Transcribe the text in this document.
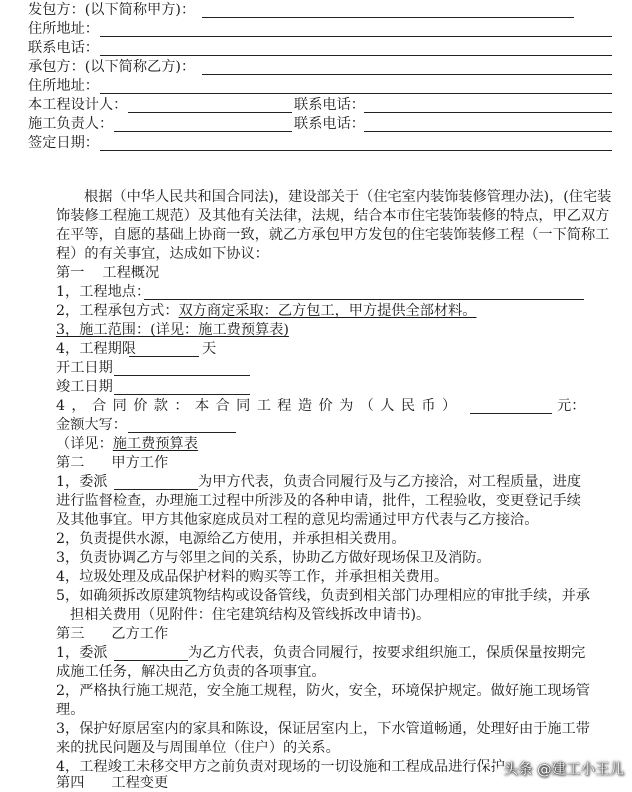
发包方：(以下简称甲方)：
住所地址：
联系电话：
承包方：(以下简称乙方)：
住所地址：
本工程设计人：	联系电话：
施工负责人：	联系电话：
签定日期：
根据（中华人民共和国合同法)，建设部关于（住宅室内装饰装修管理办法)，(住宅装
饰装修工程施工规范）及其他有关法律，法规，结合本市住宅装饰装修的特点，甲乙双方
在平等，自愿的基础上协商一致，就乙方承包甲方发包的住宅装饰装修工程（一下简称工
程）的有关事宜，达成如下协议：
第一    工程概况
1，工程地点：
2，工程承包方式：双方商定采取：乙方包工，甲方提供全部材料。
3，施工范围：(详见：施工费预算表)
4，工程期限	天
开工日期
竣工日期
4，合同价款：本合同工程造价为（人民币）	元：
金额大写：
（详见：施工费预算表
第二      甲方工作
1，委派	为甲方代表，负责合同履行及与乙方接洽，对工程质量，进度
进行监督检查，办理施工过程中所涉及的各种申请，批件，工程验收，变更登记手续
及其他事宜。甲方其他家庭成员对工程的意见均需通过甲方代表与乙方接洽。
2，负责提供水源，电源给乙方使用，并承担相关费用。
3，负责协调乙方与邻里之间的关系，协助乙方做好现场保卫及消防。
4，垃圾处理及成品保护材料的购买等工作，并承担相关费用。
5，如确须拆改原建筑物结构或设备管线，负责到相关部门办理相应的审批手续，并承
担相关费用（见附件：住宅建筑结构及管线拆改申请书)。
第三      乙方工作
1，委派	为乙方代表，负责合同履行，按要求组织施工，保质保量按期完
成施工任务，解决由乙方负责的各项事宜。
2，严格执行施工规范，安全施工规程，防火，安全，环境保护规定。做好施工现场管
理。
3，保护好原居室内的家具和陈设，保证居室内上，下水管道畅通，处理好由于施工带
来的扰民问题及与周围单位（住户）的关系。
4，工程竣工未移交甲方之前负责对现场的一切设施和工程成品进行保护
第四      工程变更
头条 @建工小王儿
